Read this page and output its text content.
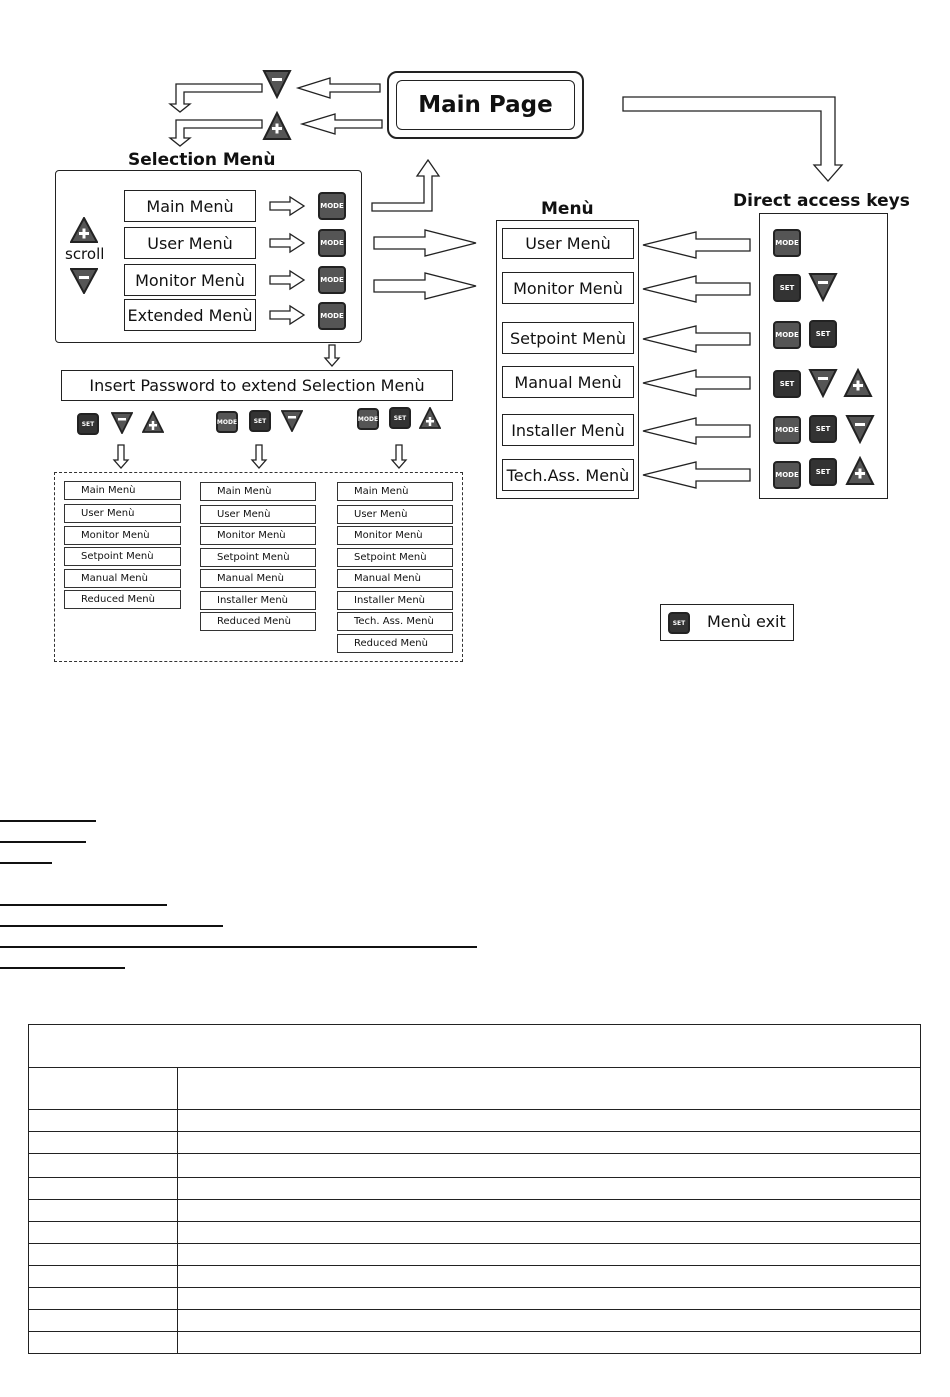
Main Page
Selection Menù
scroll
Main Menù
User Menù
Monitor Menù
Extended Menù
MODE
MODE
MODE
MODE
Insert Password to extend Selection Menù
SET	MODE	SET	MODE	SET
Main Menù
User Menù
Monitor Menù
Setpoint Menù
Manual Menù
Reduced Menù
Main Menù
User Menù
Monitor Menù
Setpoint Menù
Manual Menù
Installer Menù
Reduced Menù
Main Menù
User Menù
Monitor Menù
Setpoint Menù
Manual Menù
Installer Menù
Tech. Ass. Menù
Reduced Menù
Menù
User Menù
Monitor Menù
Setpoint Menù
Manual Menù
Installer Menù
Tech.Ass. Menù
Direct access keys
MODE
SET
MODE	SET
SET
MODE	SET
MODE	SET
SET Menù exit
